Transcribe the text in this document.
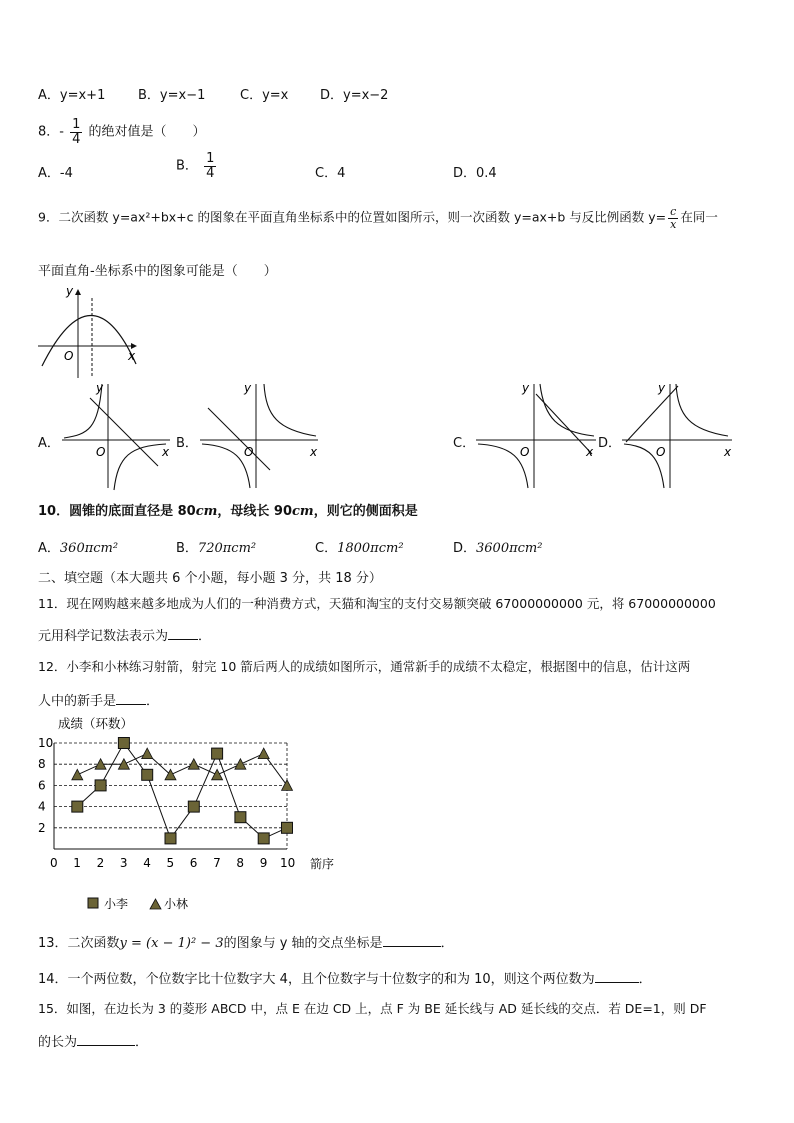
A．y=x+1	B．y=x−1	C．y=x D．y=x−2
8．- $\frac{1}{4}$ 的绝对值是（　　）
A．-4	B． $\frac{1}{4}$	C．4	D．0.4
9．二次函数 y=ax²+bx+c 的图象在平面直角坐标系中的位置如图所示，则一次函数 y=ax+b 与反比例函数 $y= \frac{c}{x}$ 在同一
平面直角-坐标系中的图象可能是（　　）
y
x
O
A．
y
x
O
B．
y
x
O
C．
y
x
O
D．
y
x
O
10．圆锥的底面直径是 80cm，母线长 90cm，则它的侧面积是
A．360πcm²	B．720πcm²	C．1800πcm²	D．3600πcm²
二、填空题（本大题共 6 个小题，每小题 3 分，共 18 分）
11．现在网购越来越多地成为人们的一种消费方式，天猫和淘宝的支付交易额突破 67000000000 元，将 67000000000
元用科学记数法表示为 ．
12．小李和小林练习射箭，射完 10 箭后两人的成绩如图所示，通常新手的成绩不太稳定，根据图中的信息，估计这两
人中的新手是 ．
成绩（环数）
箭序
2
4
6
8
10
0 1 2 3 4 5 6 7 8 9 10
小李	小林
13．二次函数y = (x − 1)² − 3的图象与 y 轴的交点坐标是	．
14．一个两位数，个位数字比十位数字大 4，且个位数字与十位数字的和为 10，则这个两位数为	．
15．如图，在边长为 3 的菱形 ABCD 中，点 E 在边 CD 上，点 F 为 BE 延长线与 AD 延长线的交点．若 DE=1，则 DF
的长为	．
